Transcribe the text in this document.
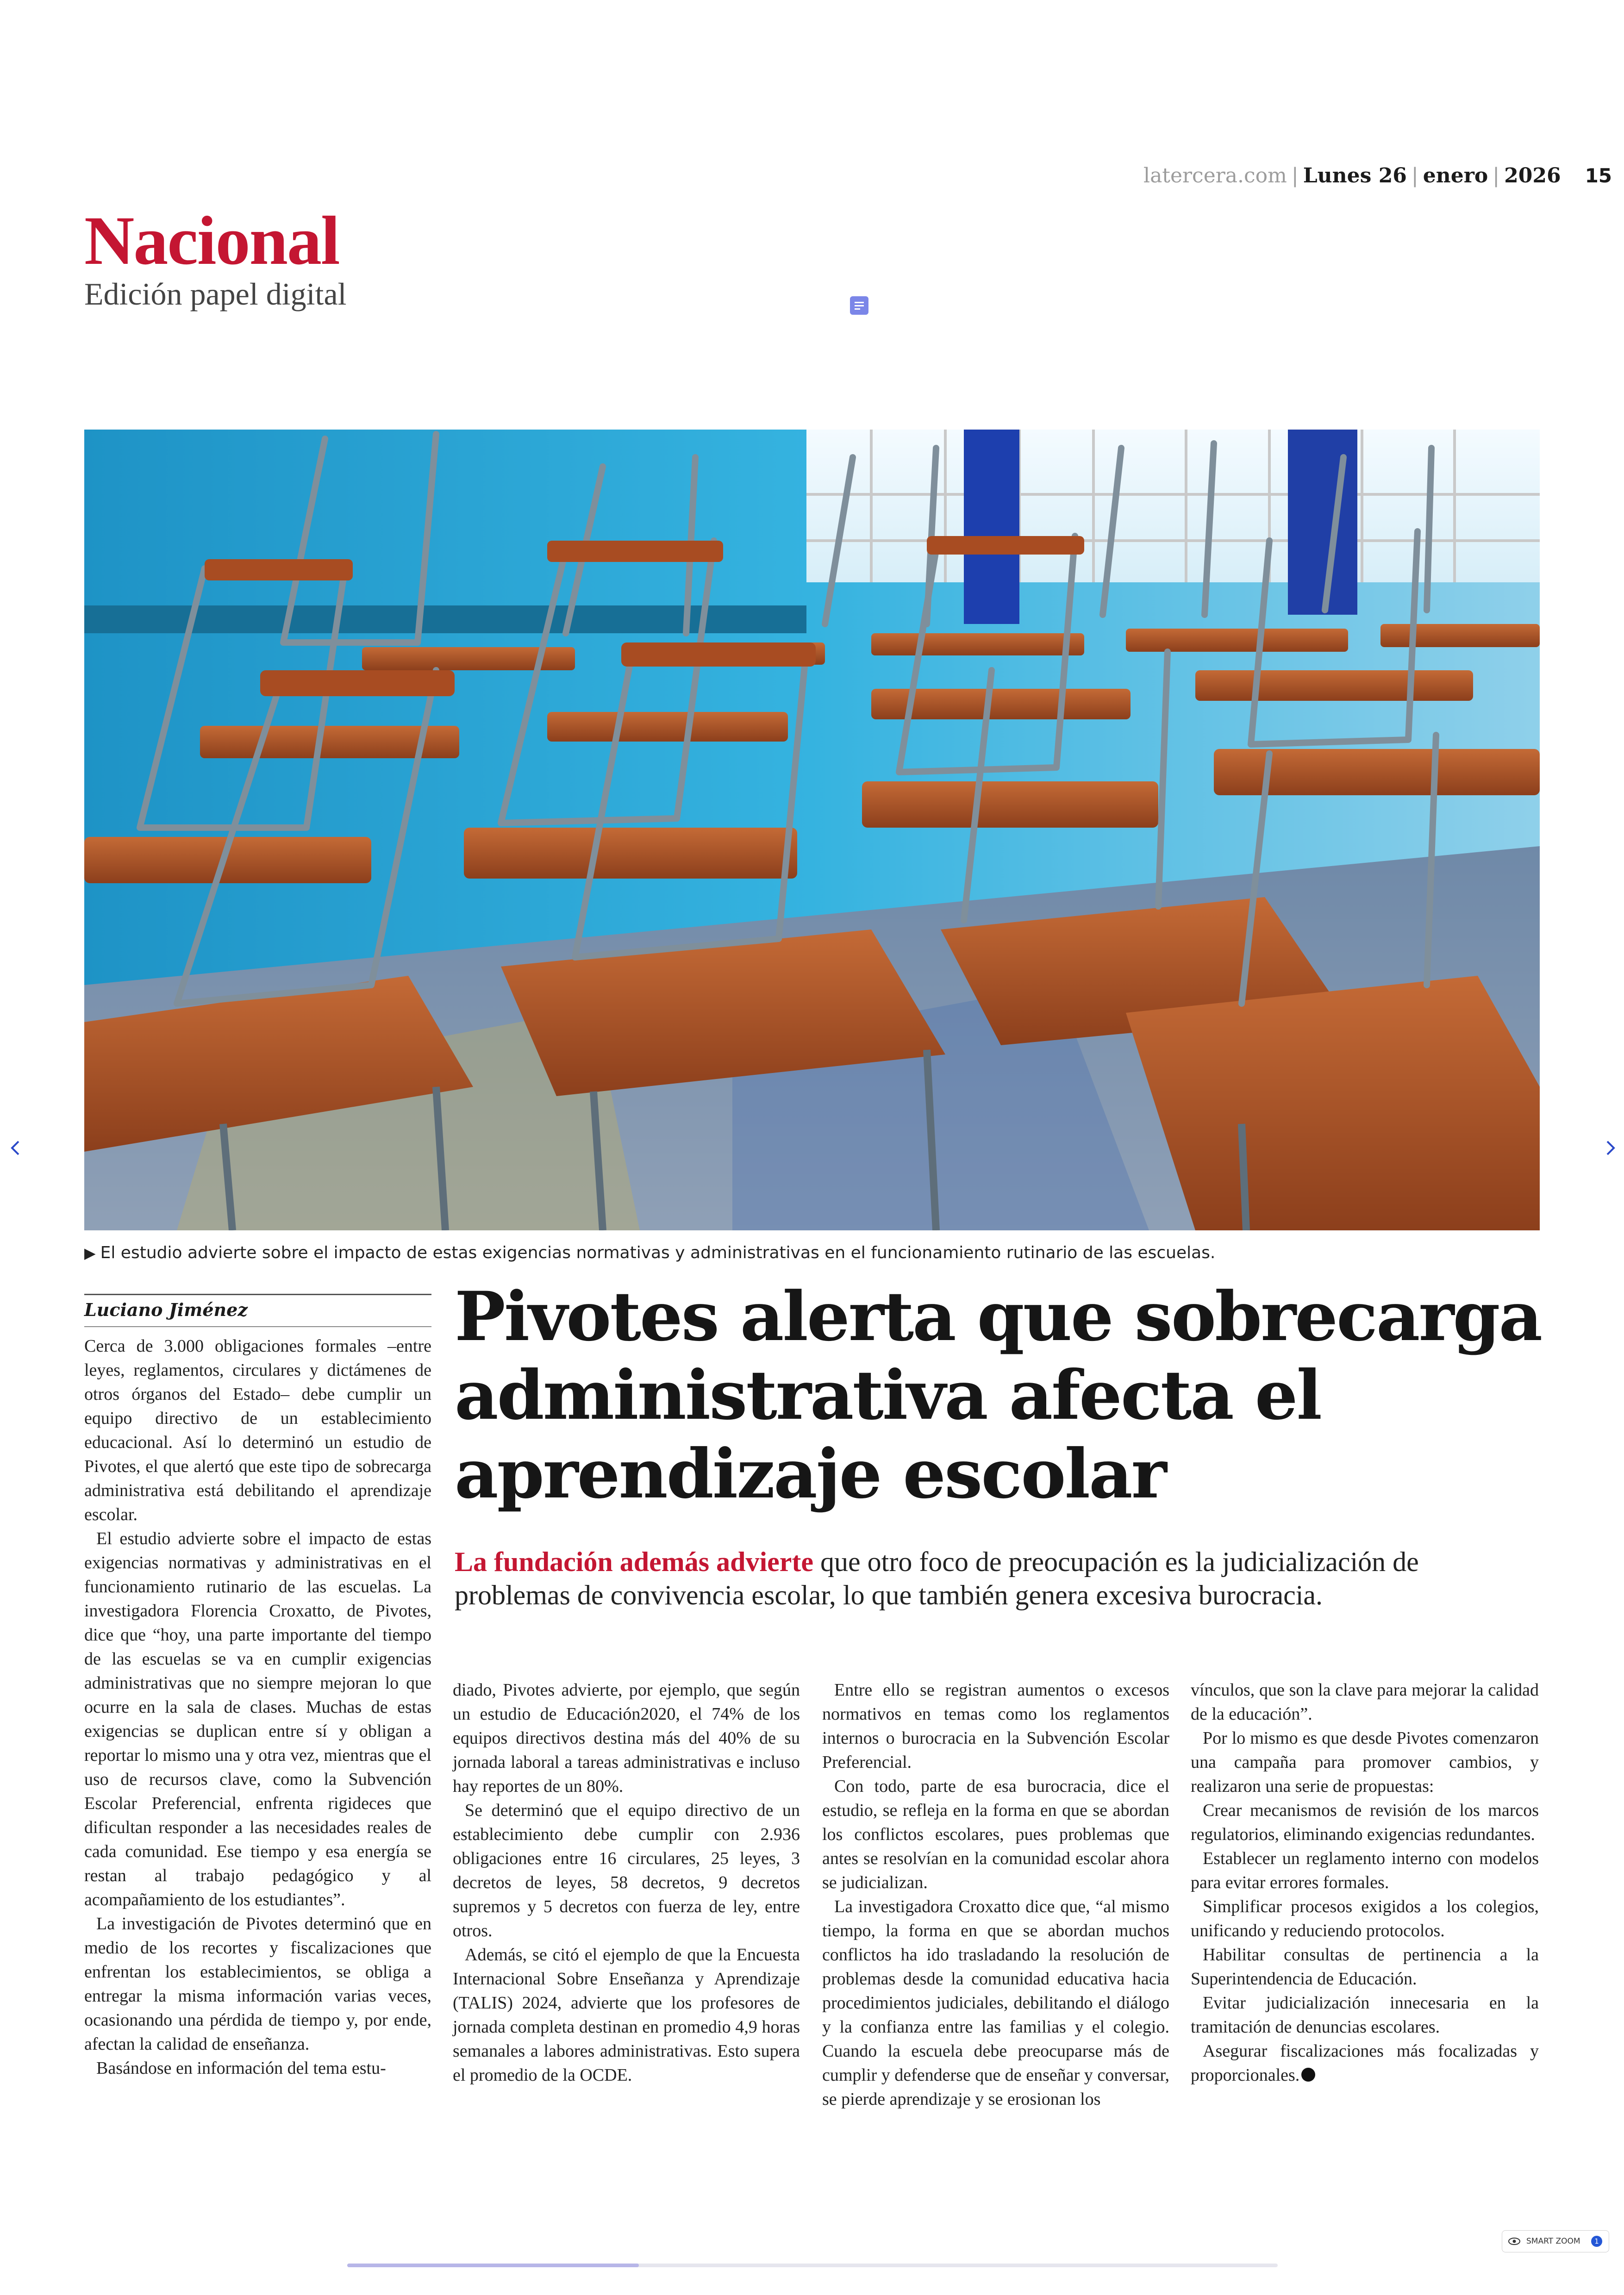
latercera.com | Lunes 26 | enero | 2026 15
Nacional
Edición papel digital
▶ El estudio advierte sobre el impacto de estas exigencias normativas y administrativas en el funcionamiento rutinario de las escuelas.
Luciano Jiménez	Pivotes alerta que sobrecarga administrativa afecta el aprendizaje escolar
La fundación además advierte que otro foco de preocupación es la judicialización de problemas de convivencia escolar, lo que también genera excesiva burocracia.

Cerca de 3.000 obligaciones formales –entre leyes, reglamentos, circulares y dictámenes de otros órganos del Estado– debe cumplir un equipo directivo de un establecimiento educacional. Así lo determinó un estudio de Pivotes, el que alertó que este tipo de sobrecarga administrativa está debilitando el aprendizaje escolar.

El estudio advierte sobre el impacto de estas exigencias normativas y administrativas en el funcionamiento rutinario de las escuelas. La investigadora Florencia Croxatto, de Pivotes, dice que “hoy, una parte importante del tiempo de las escuelas se va en cumplir exigencias administrativas que no siempre mejoran lo que ocurre en la sala de clases. Muchas de estas exigencias se duplican entre sí y obligan a reportar lo mismo una y otra vez, mientras que el uso de recursos clave, como la Subvención Escolar Preferencial, enfrenta rigideces que dificultan responder a las necesidades reales de cada comunidad. Ese tiempo y esa energía se restan al trabajo pedagógico y al acompañamiento de los estudiantes”.

La investigación de Pivotes determinó que en medio de los recortes y fiscalizaciones que enfrentan los establecimientos, se obliga a entregar la misma información varias veces, ocasionando una pérdida de tiempo y, por ende, afectan la calidad de enseñanza.

Basándose en información del tema estu-

diado, Pivotes advierte, por ejemplo, que según un estudio de Educación2020, el 74% de los equipos directivos destina más del 40% de su jornada laboral a tareas administrativas e incluso hay reportes de un 80%.

Se determinó que el equipo directivo de un establecimiento debe cumplir con 2.936 obligaciones entre 16 circulares, 25 leyes, 3 decretos de leyes, 58 decretos, 9 decretos supremos y 5 decretos con fuerza de ley, entre otros.

Además, se citó el ejemplo de que la Encuesta Internacional Sobre Enseñanza y Aprendizaje (TALIS) 2024, advierte que los profesores de jornada completa destinan en promedio 4,9 horas semanales a labores administrativas. Esto supera el promedio de la OCDE.

Entre ello se registran aumentos o excesos normativos en temas como los reglamentos internos o burocracia en la Subvención Escolar Preferencial.

Con todo, parte de esa burocracia, dice el estudio, se refleja en la forma en que se abordan los conflictos escolares, pues problemas que antes se resolvían en la comunidad escolar ahora se judicializan.

La investigadora Croxatto dice que, “al mismo tiempo, la forma en que se abordan muchos conflictos ha ido trasladando la resolución de problemas desde la comunidad educativa hacia procedimientos judiciales, debilitando el diálogo y la confianza entre las familias y el colegio. Cuando la escuela debe preocuparse más de cumplir y defenderse que de enseñar y conversar, se pierde aprendizaje y se erosionan los

vínculos, que son la clave para mejorar la calidad de la educación”.

Por lo mismo es que desde Pivotes comenzaron una campaña para promover cambios, y realizaron una serie de propuestas:

Crear mecanismos de revisión de los marcos regulatorios, eliminando exigencias redundantes.

Establecer un reglamento interno con modelos para evitar errores formales.

Simplificar procesos exigidos a los colegios, unificando y reduciendo protocolos.

Habilitar consultas de pertinencia a la Superintendencia de Educación.

Evitar judicialización innecesaria en la tramitación de denuncias escolares.

Asegurar fiscalizaciones más focalizadas y proporcionales.

SMART ZOOM	1
